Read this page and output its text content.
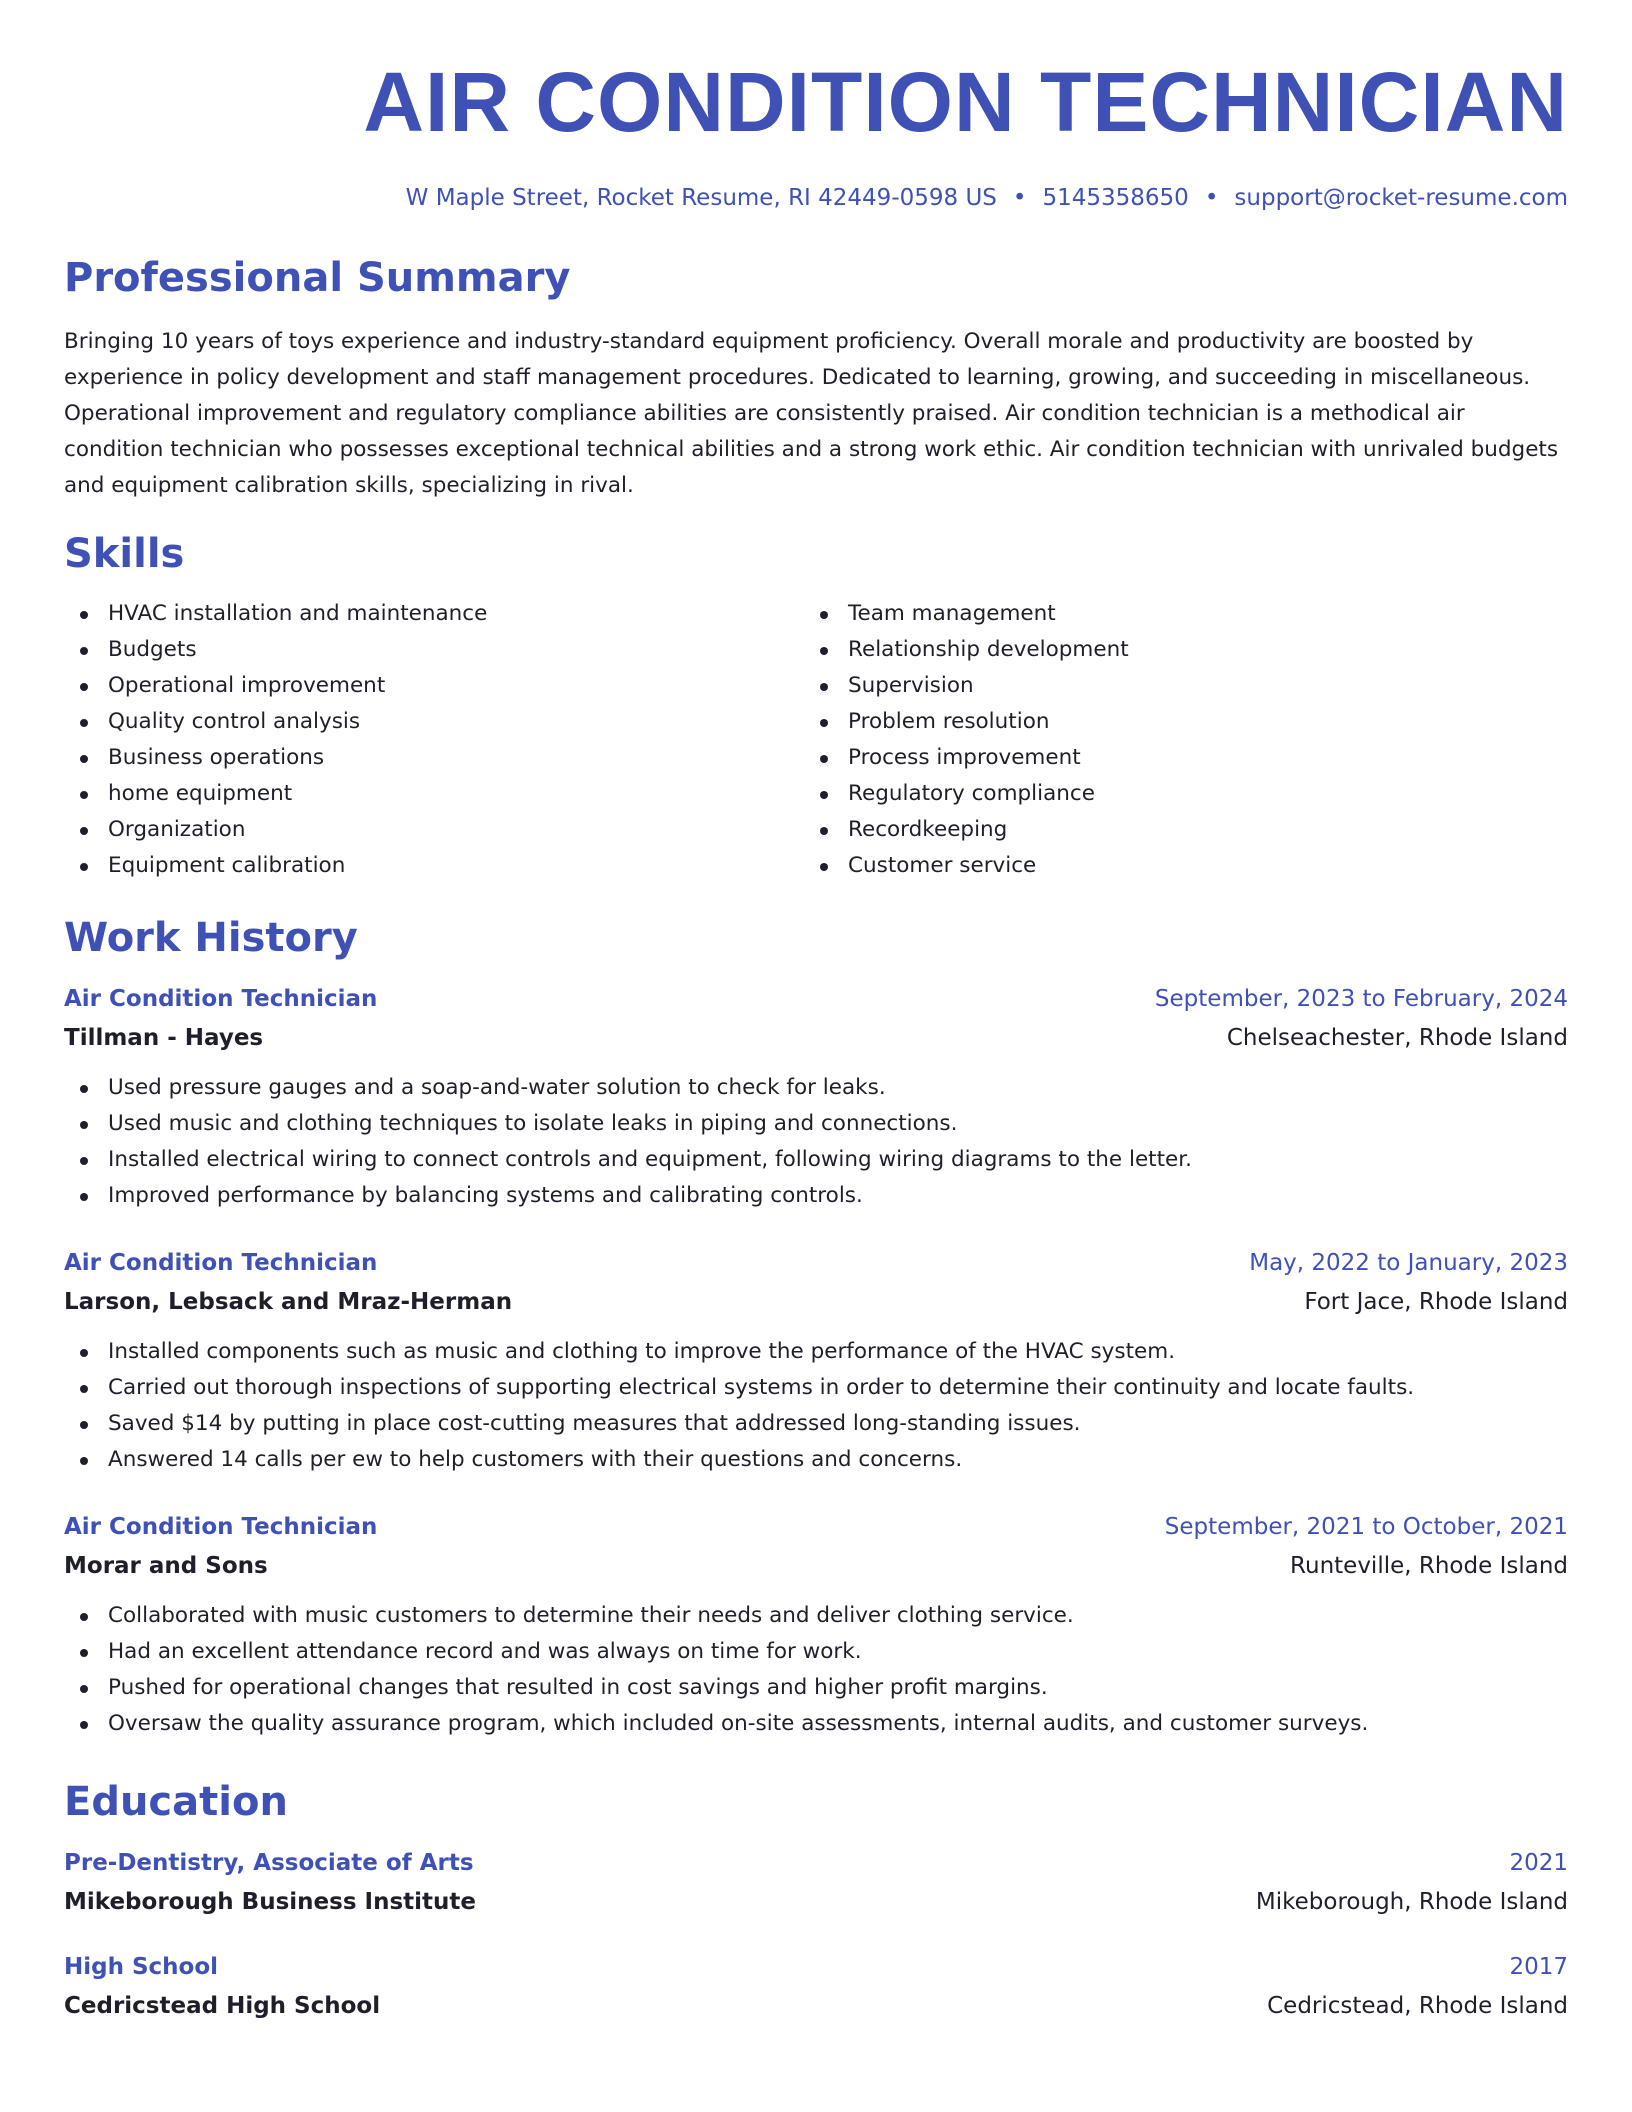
AIR CONDITION TECHNICIAN
W Maple Street, Rocket Resume, RI 42449-0598 US • 5145358650 • support@rocket-resume.com
Professional Summary
Bringing 10 years of toys experience and industry-standard equipment proficiency. Overall morale and productivity are boosted by experience in policy development and staff management procedures. Dedicated to learning, growing, and succeeding in miscellaneous. Operational improvement and regulatory compliance abilities are consistently praised. Air condition technician is a methodical air condition technician who possesses exceptional technical abilities and a strong work ethic. Air condition technician with unrivaled budgets and equipment calibration skills, specializing in rival.
Skills
HVAC installation and maintenance
Budgets
Operational improvement
Quality control analysis
Business operations
home equipment
Organization
Equipment calibration
Team management
Relationship development
Supervision
Problem resolution
Process improvement
Regulatory compliance
Recordkeeping
Customer service
Work History
Air Condition Technician	September, 2023 to February, 2024
Tillman - Hayes	Chelseachester, Rhode Island
Used pressure gauges and a soap-and-water solution to check for leaks.
Used music and clothing techniques to isolate leaks in piping and connections.
Installed electrical wiring to connect controls and equipment, following wiring diagrams to the letter.
Improved performance by balancing systems and calibrating controls.
Air Condition Technician	May, 2022 to January, 2023
Larson, Lebsack and Mraz-Herman	Fort Jace, Rhode Island
Installed components such as music and clothing to improve the performance of the HVAC system.
Carried out thorough inspections of supporting electrical systems in order to determine their continuity and locate faults.
Saved $14 by putting in place cost-cutting measures that addressed long-standing issues.
Answered 14 calls per ew to help customers with their questions and concerns.
Air Condition Technician	September, 2021 to October, 2021
Morar and Sons	Runteville, Rhode Island
Collaborated with music customers to determine their needs and deliver clothing service.
Had an excellent attendance record and was always on time for work.
Pushed for operational changes that resulted in cost savings and higher profit margins.
Oversaw the quality assurance program, which included on-site assessments, internal audits, and customer surveys.
Education
Pre-Dentistry, Associate of Arts	2021
Mikeborough Business Institute	Mikeborough, Rhode Island
High School	2017
Cedricstead High School	Cedricstead, Rhode Island
